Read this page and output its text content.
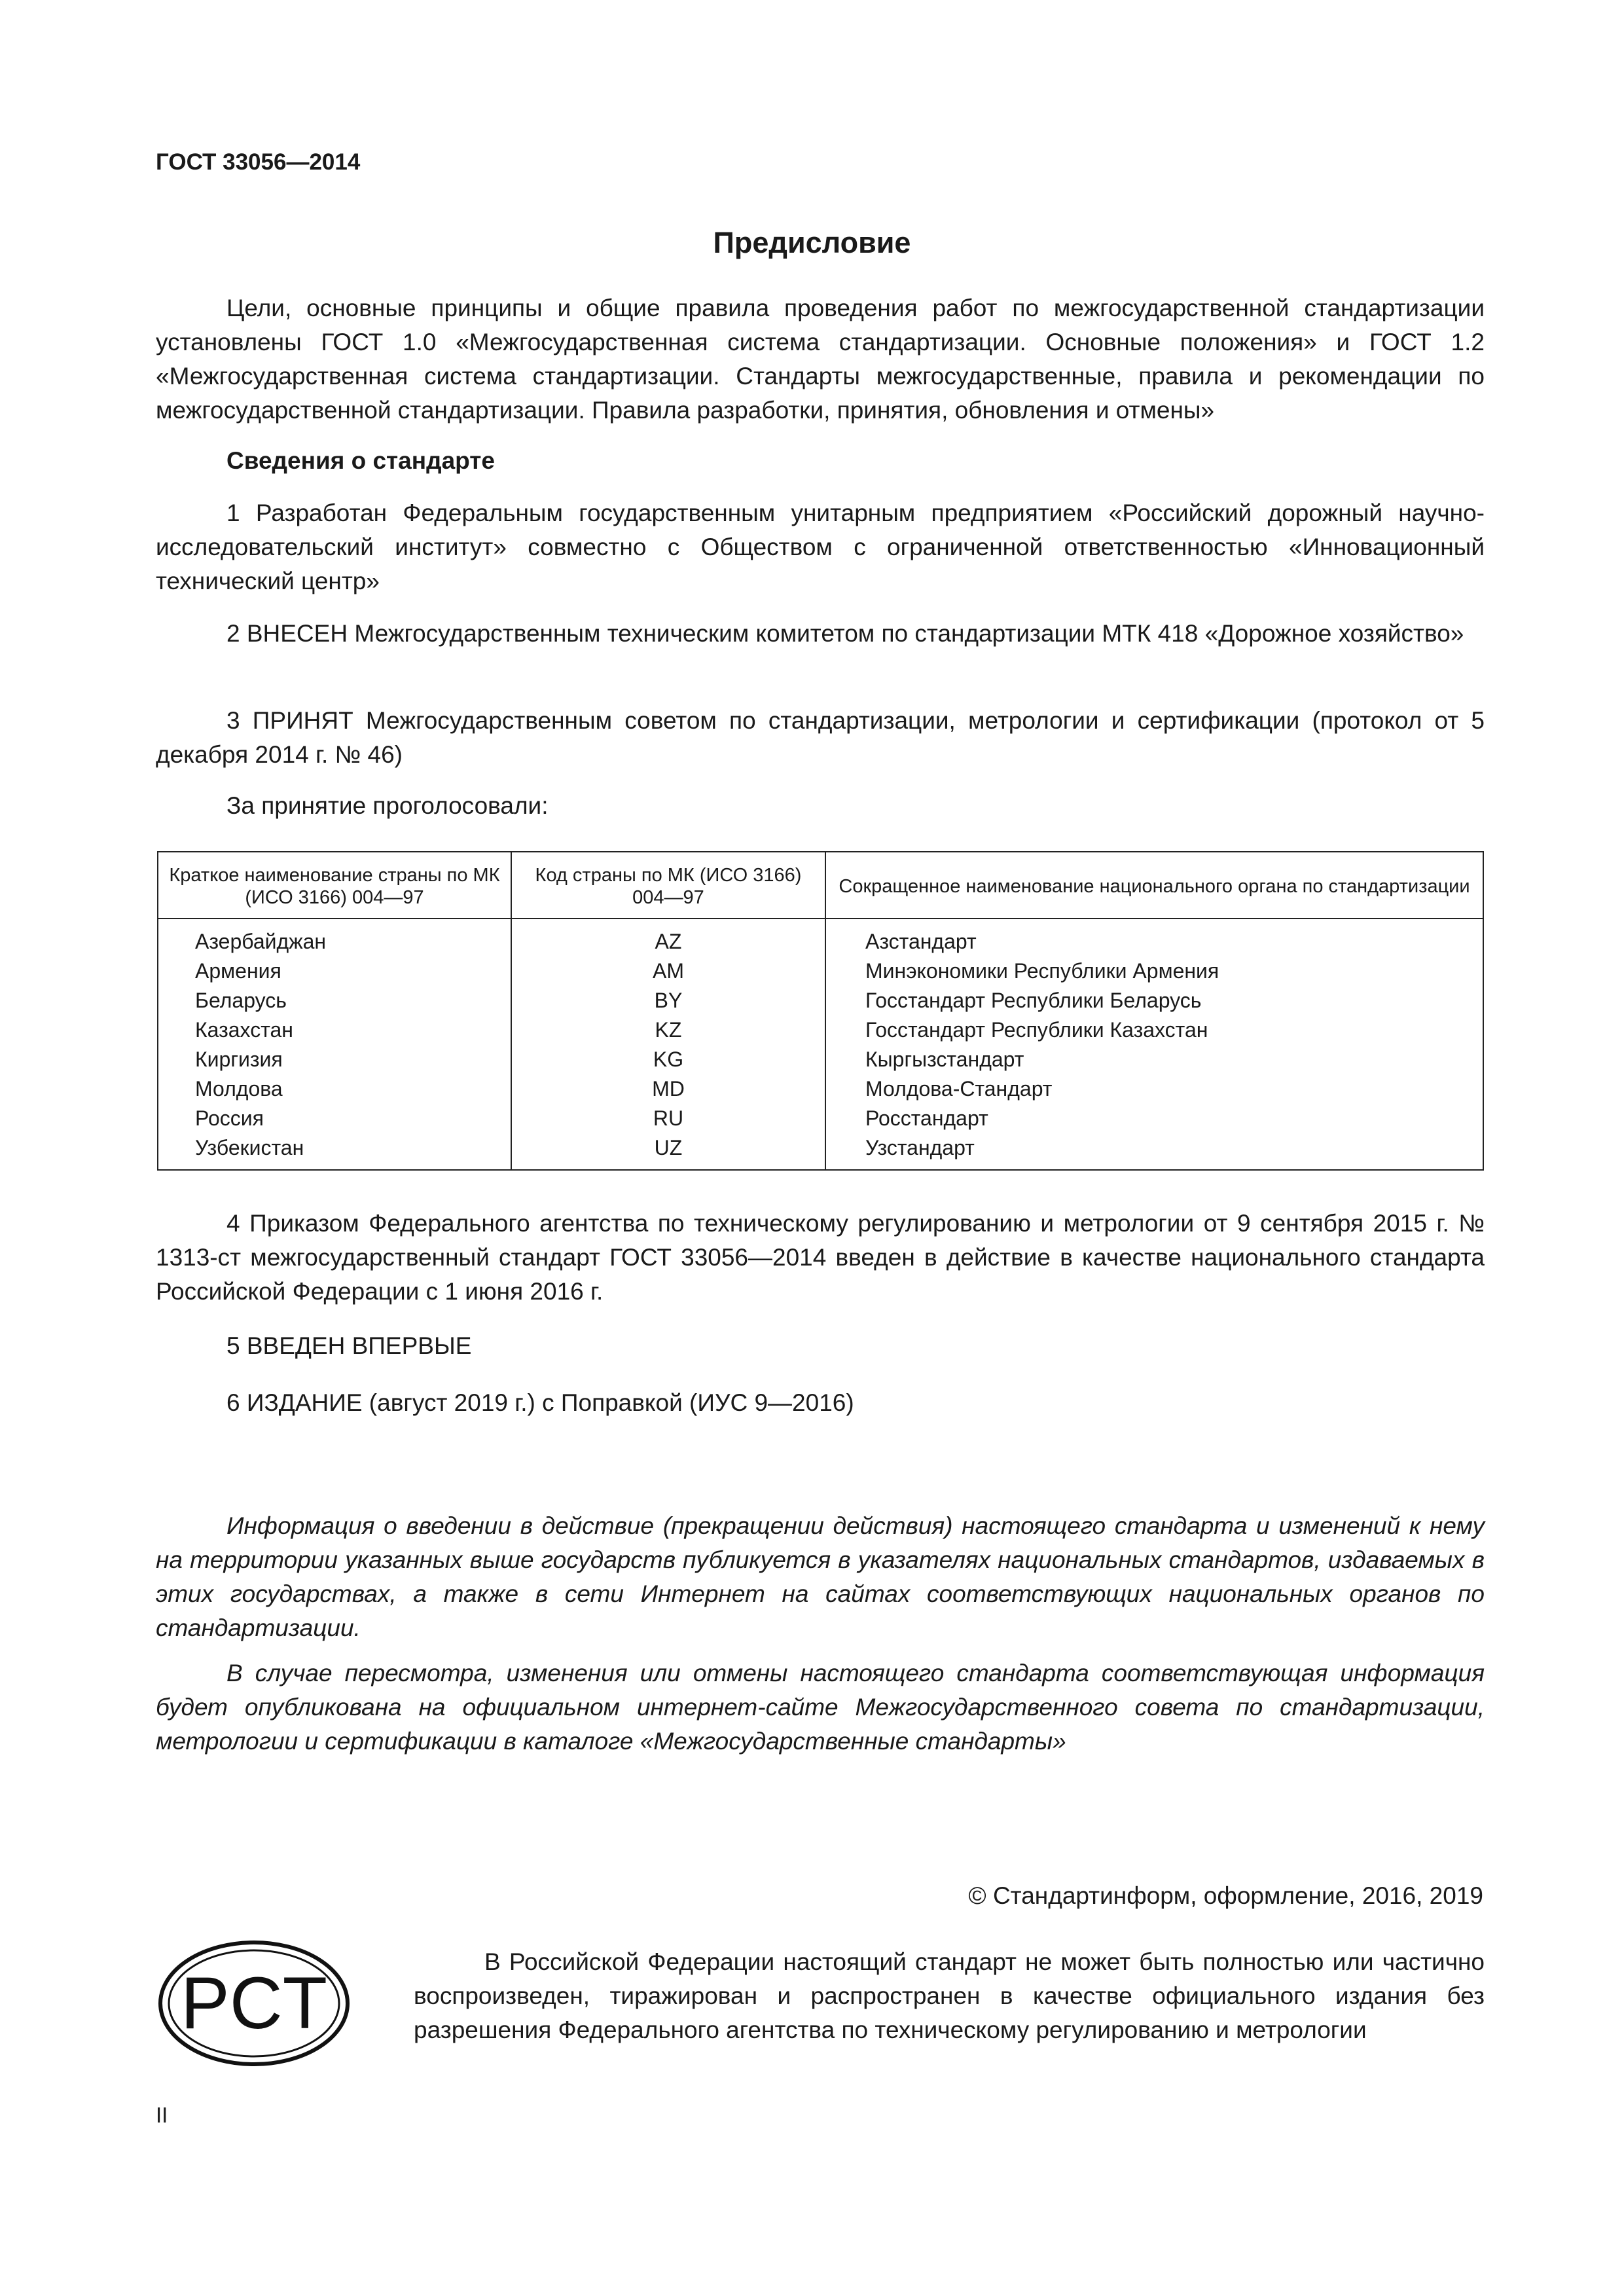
ГОСТ 33056—2014
Предисловие

Цели, основные принципы и общие правила проведения работ по межгосударственной стандартизации установлены ГОСТ 1.0 «Межгосударственная система стандартизации. Основные положения» и ГОСТ 1.2 «Межгосударственная система стандартизации. Стандарты межгосударственные, правила и рекомендации по межгосударственной стандартизации. Правила разработки, принятия, обновления и отмены»

Сведения о стандарте

1 Разработан Федеральным государственным унитарным предприятием «Российский дорожный научно-исследовательский институт» совместно с Обществом с ограниченной ответственностью «Инновационный технический центр»

2 ВНЕСЕН Межгосударственным техническим комитетом по стандартизации МТК 418 «Дорожное хозяйство»

3 ПРИНЯТ Межгосударственным советом по стандартизации, метрологии и сертификации (протокол от 5 декабря 2014 г. № 46)

За принятие проголосовали:

Краткое наименование страны по МК (ИСО 3166) 004—97	Код страны по МК (ИСО 3166) 004—97	Сокращенное наименование национального органа по стандартизации
Азербайджан	AZ	Азстандарт
Армения	AM	Минэкономики Республики Армения
Беларусь	BY	Госстандарт Республики Беларусь
Казахстан	KZ	Госстандарт Республики Казахстан
Киргизия	KG	Кыргызстандарт
Молдова	MD	Молдова-Стандарт
Россия	RU	Росстандарт
Узбекистан	UZ	Узстандарт

4 Приказом Федерального агентства по техническому регулированию и метрологии от 9 сентября 2015 г. № 1313-ст межгосударственный стандарт ГОСТ 33056—2014 введен в действие в качестве национального стандарта Российской Федерации с 1 июня 2016 г.

5 ВВЕДЕН ВПЕРВЫЕ

6 ИЗДАНИЕ (август 2019 г.) с Поправкой (ИУС 9—2016)

Информация о введении в действие (прекращении действия) настоящего стандарта и изменений к нему на территории указанных выше государств публикуется в указателях национальных стандартов, издаваемых в этих государствах, а также в сети Интернет на сайтах соответствующих национальных органов по стандартизации.

В случае пересмотра, изменения или отмены настоящего стандарта соответствующая информация будет опубликована на официальном интернет-сайте Межгосударственного совета по стандартизации, метрологии и сертификации в каталоге «Межгосударственные стандарты»

© Стандартинформ, оформление, 2016, 2019
PCT

В Российской Федерации настоящий стандарт не может быть полностью или частично воспроизведен, тиражирован и распространен в качестве официального издания без разрешения Федерального агентства по техническому регулированию и метрологии

II
